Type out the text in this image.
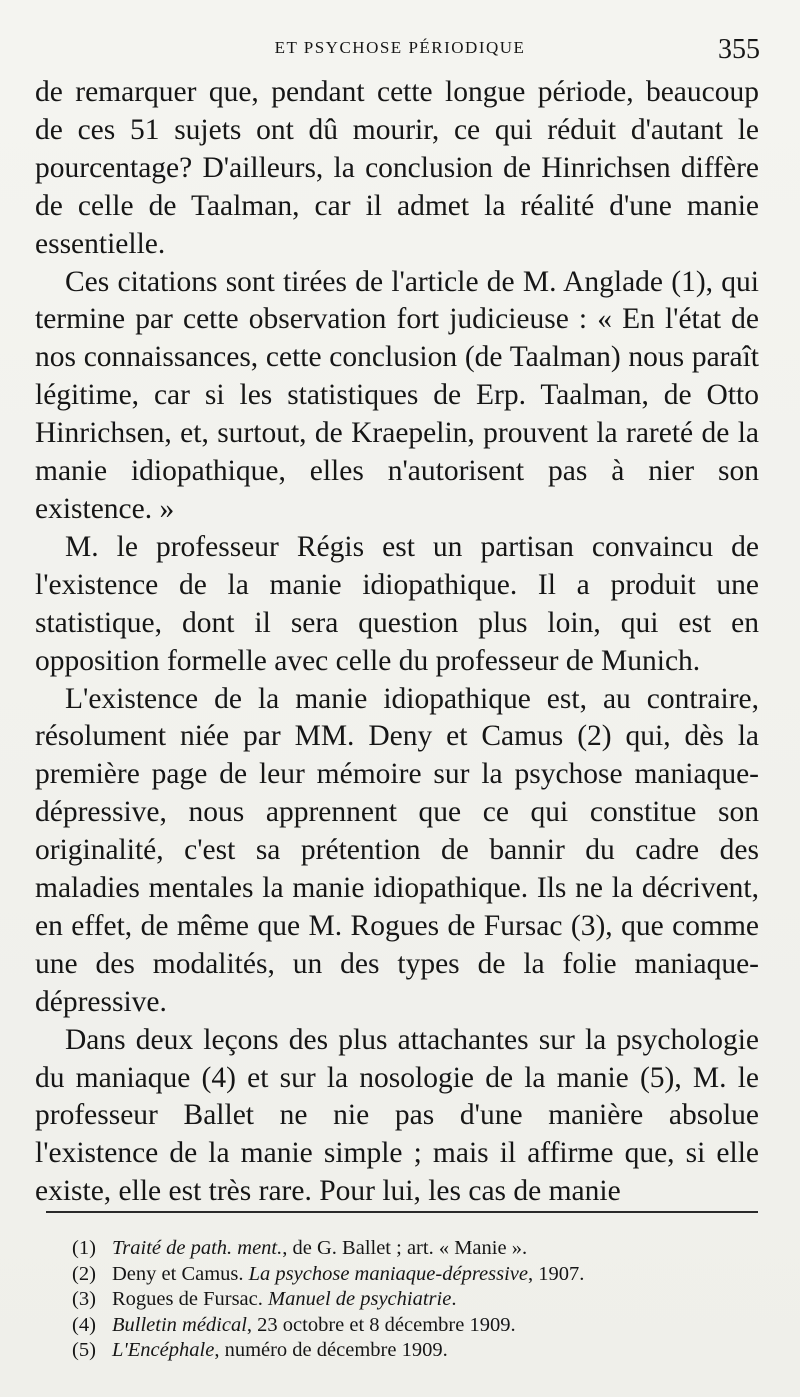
ET PSYCHOSE PÉRIODIQUE	355

de remarquer que, pendant cette longue période, beaucoup de ces 51 sujets ont dû mourir, ce qui réduit d'autant le pourcentage? D'ailleurs, la conclusion de Hinrichsen diffère de celle de Taalman, car il admet la réalité d'une manie essentielle.

Ces citations sont tirées de l'article de M. Anglade (1), qui termine par cette observation fort judicieuse : « En l'état de nos connaissances, cette conclusion (de Taalman) nous paraît légitime, car si les statistiques de Erp. Taalman, de Otto Hinrichsen, et, surtout, de Kraepelin, prouvent la rareté de la manie idiopathique, elles n'autorisent pas à nier son existence. »

M. le professeur Régis est un partisan convaincu de l'existence de la manie idiopathique. Il a produit une statistique, dont il sera question plus loin, qui est en opposition formelle avec celle du professeur de Munich.

L'existence de la manie idiopathique est, au contraire, résolument niée par MM. Deny et Camus (2) qui, dès la première page de leur mémoire sur la psychose maniaque-dépressive, nous apprennent que ce qui constitue son originalité, c'est sa prétention de bannir du cadre des maladies mentales la manie idiopathique. Ils ne la décrivent, en effet, de même que M. Rogues de Fursac (3), que comme une des modalités, un des types de la folie maniaque-dépressive.

Dans deux leçons des plus attachantes sur la psychologie du maniaque (4) et sur la nosologie de la manie (5), M. le professeur Ballet ne nie pas d'une manière absolue l'existence de la manie simple ; mais il affirme que, si elle existe, elle est très rare. Pour lui, les cas de manie

(1) Traité de path. ment., de G. Ballet ; art. « Manie ».
(2) Deny et Camus. La psychose maniaque-dépressive, 1907.
(3) Rogues de Fursac. Manuel de psychiatrie.
(4) Bulletin médical, 23 octobre et 8 décembre 1909.
(5) L'Encéphale, numéro de décembre 1909.
